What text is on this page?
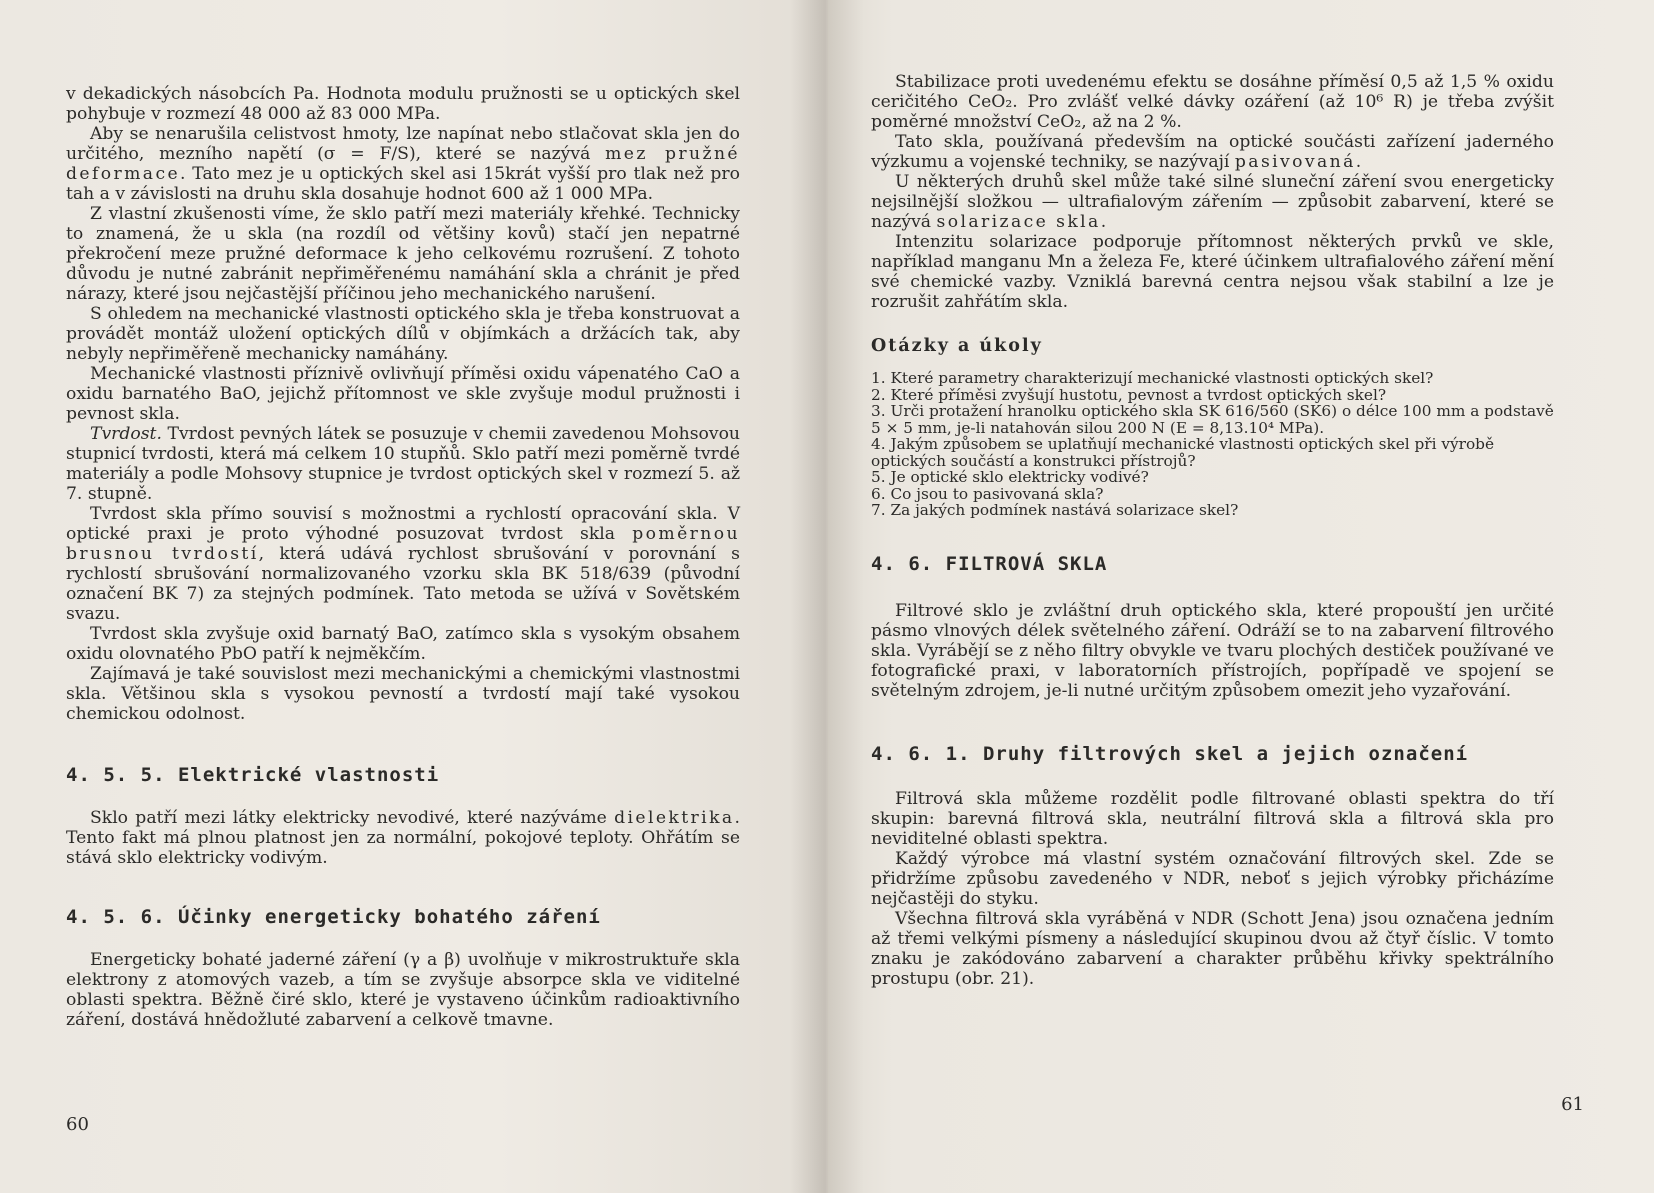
v dekadických násobcích Pa. Hodnota modulu pružnosti se u optických skel pohybuje v rozmezí 48 000 až 83 000 MPa.

Aby se nenarušila celistvost hmoty, lze napínat nebo stlačovat skla jen do určitého, mezního napětí (σ = F/S), které se nazývá mez pružné deformace. Tato mez je u optických skel asi 15krát vyšší pro tlak než pro tah a v závislosti na druhu skla dosahuje hodnot 600 až 1 000 MPa.

Z vlastní zkušenosti víme, že sklo patří mezi materiály křehké. Technicky to znamená, že u skla (na rozdíl od většiny kovů) stačí jen nepatrné překročení meze pružné deformace k jeho celkovému rozrušení. Z tohoto důvodu je nutné zabránit nepřiměřenému namáhání skla a chránit je před nárazy, které jsou nejčastější příčinou jeho mechanického narušení.

S ohledem na mechanické vlastnosti optického skla je třeba konstruovat a provádět montáž uložení optických dílů v objímkách a držácích tak, aby nebyly nepřiměřeně mechanicky namáhány.

Mechanické vlastnosti příznivě ovlivňují příměsi oxidu vápenatého CaO a oxidu barnatého BaO, jejichž přítomnost ve skle zvyšuje modul pružnosti i pevnost skla.

Tvrdost. Tvrdost pevných látek se posuzuje v chemii zavedenou Mohsovou stupnicí tvrdosti, která má celkem 10 stupňů. Sklo patří mezi poměrně tvrdé materiály a podle Mohsovy stupnice je tvrdost optických skel v rozmezí 5. až 7. stupně.

Tvrdost skla přímo souvisí s možnostmi a rychlostí opracování skla. V optické praxi je proto výhodné posuzovat tvrdost skla poměrnou brusnou tvrdostí, která udává rychlost sbrušování v porovnání s rychlostí sbrušování normalizovaného vzorku skla BK 518/639 (původní označení BK 7) za stejných podmínek. Tato metoda se užívá v Sovětském svazu.

Tvrdost skla zvyšuje oxid barnatý BaO, zatímco skla s vysokým obsahem oxidu olovnatého PbO patří k nejměkčím.

Zajímavá je také souvislost mezi mechanickými a chemickými vlastnostmi skla. Většinou skla s vysokou pevností a tvrdostí mají také vysokou chemickou odolnost.

4. 5. 5. Elektrické vlastnosti

Sklo patří mezi látky elektricky nevodivé, které nazýváme dielektrika. Tento fakt má plnou platnost jen za normální, pokojové teploty. Ohřátím se stává sklo elektricky vodivým.

4. 5. 6. Účinky energeticky bohatého záření

Energeticky bohaté jaderné záření (γ a β) uvolňuje v mikrostruktuře skla elektrony z atomových vazeb, a tím se zvyšuje absorpce skla ve viditelné oblasti spektra. Běžně čiré sklo, které je vystaveno účinkům radioaktivního záření, dostává hnědožluté zabarvení a celkově tmavne.

60

Stabilizace proti uvedenému efektu se dosáhne příměsí 0,5 až 1,5 % oxidu ceričitého CeO₂. Pro zvlášť velké dávky ozáření (až 10⁶ R) je třeba zvýšit poměrné množství CeO₂, až na 2 %.

Tato skla, používaná především na optické součásti zařízení jaderného výzkumu a vojenské techniky, se nazývají pasivovaná.

U některých druhů skel může také silné sluneční záření svou energeticky nejsilnější složkou — ultrafialovým zářením — způsobit zabarvení, které se nazývá solarizace skla.

Intenzitu solarizace podporuje přítomnost některých prvků ve skle, například manganu Mn a železa Fe, které účinkem ultrafialového záření mění své chemické vazby. Vzniklá barevná centra nejsou však stabilní a lze je rozrušit zahřátím skla.

Otázky a úkoly
1. Které parametry charakterizují mechanické vlastnosti optických skel?
2. Které příměsi zvyšují hustotu, pevnost a tvrdost optických skel?
3. Urči protažení hranolku optického skla SK 616/560 (SK6) o délce 100 mm a podstavě 5 × 5 mm, je-li natahován silou 200 N (E = 8,13.10⁴ MPa).
4. Jakým způsobem se uplatňují mechanické vlastnosti optických skel při výrobě optických součástí a konstrukci přístrojů?
5. Je optické sklo elektricky vodivé?
6. Co jsou to pasivovaná skla?
7. Za jakých podmínek nastává solarizace skel?
4. 6. FILTROVÁ SKLA

Filtrové sklo je zvláštní druh optického skla, které propouští jen určité pásmo vlnových délek světelného záření. Odráží se to na zabarvení filtrového skla. Vyrábějí se z něho filtry obvykle ve tvaru plochých destiček používané ve fotografické praxi, v laboratorních přístrojích, popřípadě ve spojení se světelným zdrojem, je-li nutné určitým způsobem omezit jeho vyzařování.

4. 6. 1. Druhy filtrových skel a jejich označení

Filtrová skla můžeme rozdělit podle filtrované oblasti spektra do tří skupin: barevná filtrová skla, neutrální filtrová skla a filtrová skla pro neviditelné oblasti spektra.

Každý výrobce má vlastní systém označování filtrových skel. Zde se přidržíme způsobu zavedeného v NDR, neboť s jejich výrobky přicházíme nejčastěji do styku.

Všechna filtrová skla vyráběná v NDR (Schott Jena) jsou označena jedním až třemi velkými písmeny a následující skupinou dvou až čtyř číslic. V tomto znaku je zakódováno zabarvení a charakter průběhu křivky spektrálního prostupu (obr. 21).

61
